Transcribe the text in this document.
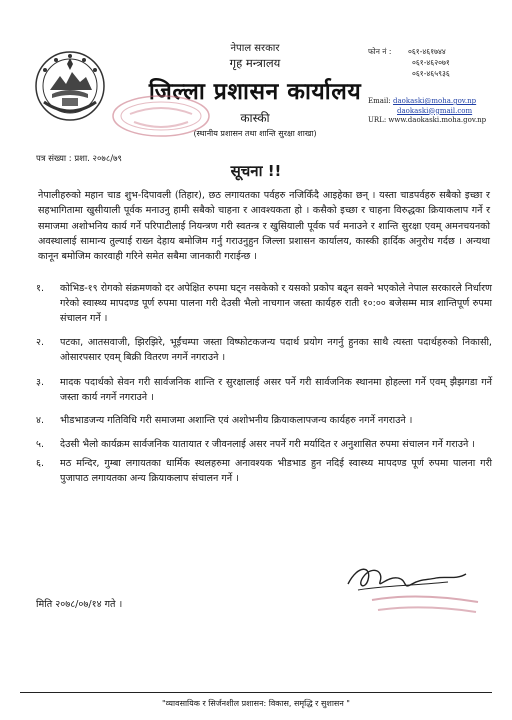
नेपाल सरकार
गृह मन्त्रालय
जिल्ला प्रशासन कार्यालय
कास्की
(स्थानीय प्रशासन तथा शान्ति सुरक्षा शाखा)
फोन नं :	०६१-४६१७४४
०६१-४६२०७१
०६१-४६५९३६
Email: daokaski@moha.gov.np
daokaski@gmail.com
URL: www.daokaski.moha.gov.np
पत्र संख्या : प्रशा. २०७८/७९
सूचना !!
नेपालीहरुको महान चाड शुभ-दिपावली (तिहार), छठ लगायतका पर्वहरु नजिकिँदै आइहेका छन् । यस्ता चाडपर्वहरु सबैको इच्छा र सहभागितामा खुसीयाली पूर्वक मनाउनु हामी सबैको चाहना र आवश्यकता हो । कसैको इच्छा र चाहना विरुद्धका क्रियाकलाप गर्ने र समाजमा अशोभनिय कार्य गर्ने परिपाटीलाई नियन्त्रण गरी स्वतन्त्र र खुसियाली पूर्वक पर्व मनाउने र शान्ति सुरक्षा एवम् अमनचयनको अवस्थालाई सामान्य तुल्याई राख्न देहाय बमोजिम गर्नु गराउनुहुन जिल्ला प्रशासन कार्यालय, कास्की हार्दिक अनुरोध गर्दछ । अन्यथा कानून बमोजिम कारवाही गरिने समेत सबैमा जानकारी गराईन्छ ।
१.	कोभिड-१९ रोगको संक्रमणको दर अपेक्षित रुपमा घट्न नसकेको र यसको प्रकोप बढ्न सक्ने भएकोले नेपाल सरकारले निर्धारण गरेको स्वास्थ्य मापदण्ड पूर्ण रुपमा पालना गरी देउसी भैलो नाचगान जस्ता कार्यहरु राती १०:०० बजेसम्म मात्र शान्तिपूर्ण रुपमा संचालन गर्ने ।
२.	पटका, आतसवाजी, झिरझिरे, भूईंचम्पा जस्ता विष्फोटकजन्य पदार्थ प्रयोग नगर्नु हुनका साथै त्यस्ता पदार्थहरुको निकासी, ओसारपसार एवम् बिक्री वितरण नगर्ने नगराउने ।
३.	मादक पदार्थको सेवन गरी सार्वजनिक शान्ति र सुरक्षालाई असर पर्ने गरी सार्वजनिक स्थानमा होहल्ला गर्ने एवम् झैझगडा गर्ने जस्ता कार्य नगर्ने नगराउने ।
४.	भीडभाडजन्य गतिविधि गरी समाजमा अशान्ति एवं अशोभनीय क्रियाकलापजन्य कार्यहरु नगर्ने नगराउने ।
५.	देउसी भैलो कार्यक्रम सार्वजनिक यातायात र जीवनलाई असर नपर्ने गरी मर्यादित र अनुशासित रुपमा संचालन गर्ने गराउने ।
६.	मठ मन्दिर, गुम्बा लगायतका धार्मिक स्थलहरुमा अनावश्यक भीडभाड हुन नदिई स्वास्थ्य मापदण्ड पूर्ण रुपमा पालना गरी पुजापाठ लगायतका अन्य क्रियाकलाप संचालन गर्ने ।
मिति २०७८/०७/१४ गते ।
"व्यावसायिक र सिर्जनशील प्रशासन: विकास, समृद्धि र सुशासन "
